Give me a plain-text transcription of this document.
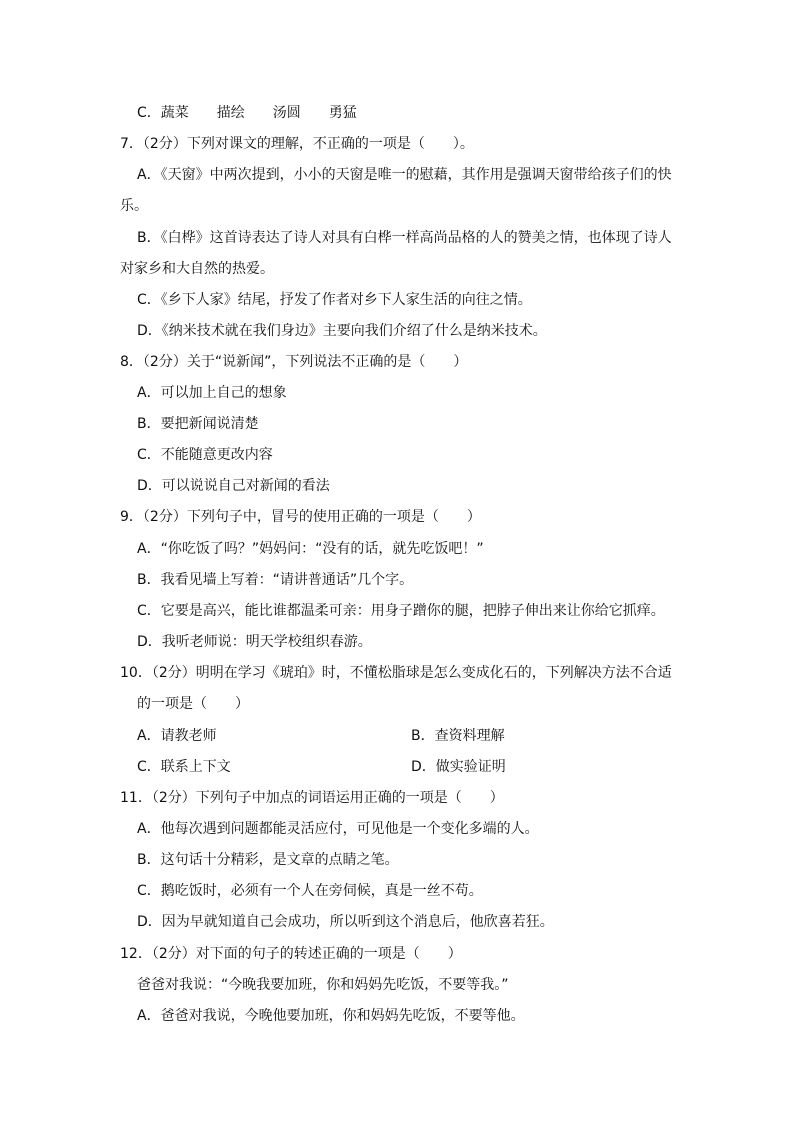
C．蔬菜 描绘 汤圆 勇猛
7．（2分）下列对课文的理解，不正确的一项是（　　）。
A．《天窗》中两次提到，小小的天窗是唯一的慰藉，其作用是强调天窗带给孩子们的快
乐。
B．《白桦》这首诗表达了诗人对具有白桦一样高尚品格的人的赞美之情，也体现了诗人
对家乡和大自然的热爱。
C．《乡下人家》结尾，抒发了作者对乡下人家生活的向往之情。
D．《纳米技术就在我们身边》主要向我们介绍了什么是纳米技术。
8．（2分）关于“说新闻”，下列说法不正确的是（　　）
A．可以加上自己的想象
B．要把新闻说清楚
C．不能随意更改内容
D．可以说说自己对新闻的看法
9．（2分）下列句子中，冒号的使用正确的一项是（　　）
A．“你吃饭了吗？”妈妈问：“没有的话，就先吃饭吧！”
B．我看见墙上写着：“请讲普通话”几个字。
C．它要是高兴，能比谁都温柔可亲：用身子蹭你的腿，把脖子伸出来让你给它抓痒。
D．我听老师说：明天学校组织春游。
10．（2分）明明在学习《琥珀》时，不懂松脂球是怎么变成化石的，下列解决方法不合适
的一项是（　　）
A．请教老师	B．查资料理解
C．联系上下文	D．做实验证明
11．（2分）下列句子中加点的词语运用正确的一项是（　　）
A．他每次遇到问题都能灵活应付，可见他是一个变化多端的人。
B．这句话十分精彩，是文章的点睛之笔。
C．鹅吃饭时，必须有一个人在旁伺候，真是一丝不苟。
D．因为早就知道自己会成功，所以听到这个消息后，他欣喜若狂。
12．（2分）对下面的句子的转述正确的一项是（　　）
爸爸对我说：“今晚我要加班，你和妈妈先吃饭，不要等我。”
A．爸爸对我说，今晚他要加班，你和妈妈先吃饭，不要等他。
